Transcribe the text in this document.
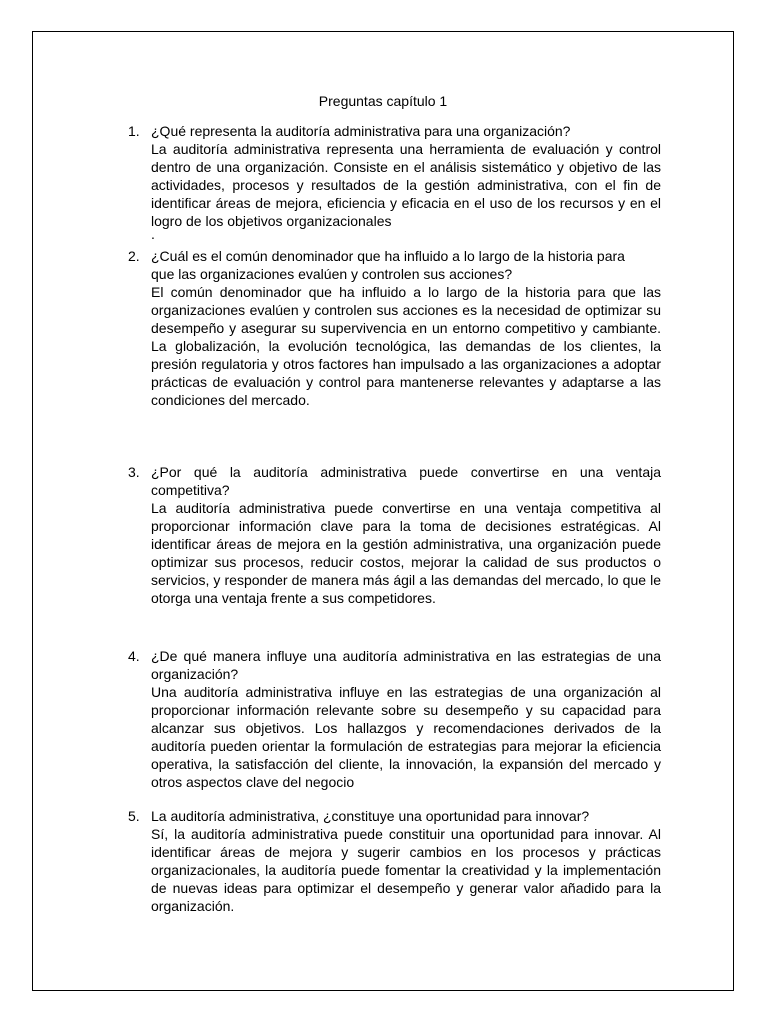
Preguntas capítulo 1
1. ¿Qué representa la auditoría administrativa para una organización?

La auditoría administrativa representa una herramienta de evaluación y control dentro de una organización. Consiste en el análisis sistemático y objetivo de las actividades, procesos y resultados de la gestión administrativa, con el fin de identificar áreas de mejora, eficiencia y eficacia en el uso de los recursos y en el logro de los objetivos organizacionales

.
2. ¿Cuál es el común denominador que ha influido a lo largo de la historia para
que las organizaciones evalúen y controlen sus acciones?

El común denominador que ha influido a lo largo de la historia para que las organizaciones evalúen y controlen sus acciones es la necesidad de optimizar su desempeño y asegurar su supervivencia en un entorno competitivo y cambiante. La globalización, la evolución tecnológica, las demandas de los clientes, la presión regulatoria y otros factores han impulsado a las organizaciones a adoptar prácticas de evaluación y control para mantenerse relevantes y adaptarse a las condiciones del mercado.

3. ¿Por qué la auditoría administrativa puede convertirse en una ventaja competitiva?

La auditoría administrativa puede convertirse en una ventaja competitiva al proporcionar información clave para la toma de decisiones estratégicas. Al identificar áreas de mejora en la gestión administrativa, una organización puede optimizar sus procesos, reducir costos, mejorar la calidad de sus productos o servicios, y responder de manera más ágil a las demandas del mercado, lo que le otorga una ventaja frente a sus competidores.

4. ¿De qué manera influye una auditoría administrativa en las estrategias de una organización?

Una auditoría administrativa influye en las estrategias de una organización al proporcionar información relevante sobre su desempeño y su capacidad para alcanzar sus objetivos. Los hallazgos y recomendaciones derivados de la auditoría pueden orientar la formulación de estrategias para mejorar la eficiencia operativa, la satisfacción del cliente, la innovación, la expansión del mercado y otros aspectos clave del negocio

5. La auditoría administrativa, ¿constituye una oportunidad para innovar?

Sí, la auditoría administrativa puede constituir una oportunidad para innovar. Al identificar áreas de mejora y sugerir cambios en los procesos y prácticas organizacionales, la auditoría puede fomentar la creatividad y la implementación de nuevas ideas para optimizar el desempeño y generar valor añadido para la organización.
